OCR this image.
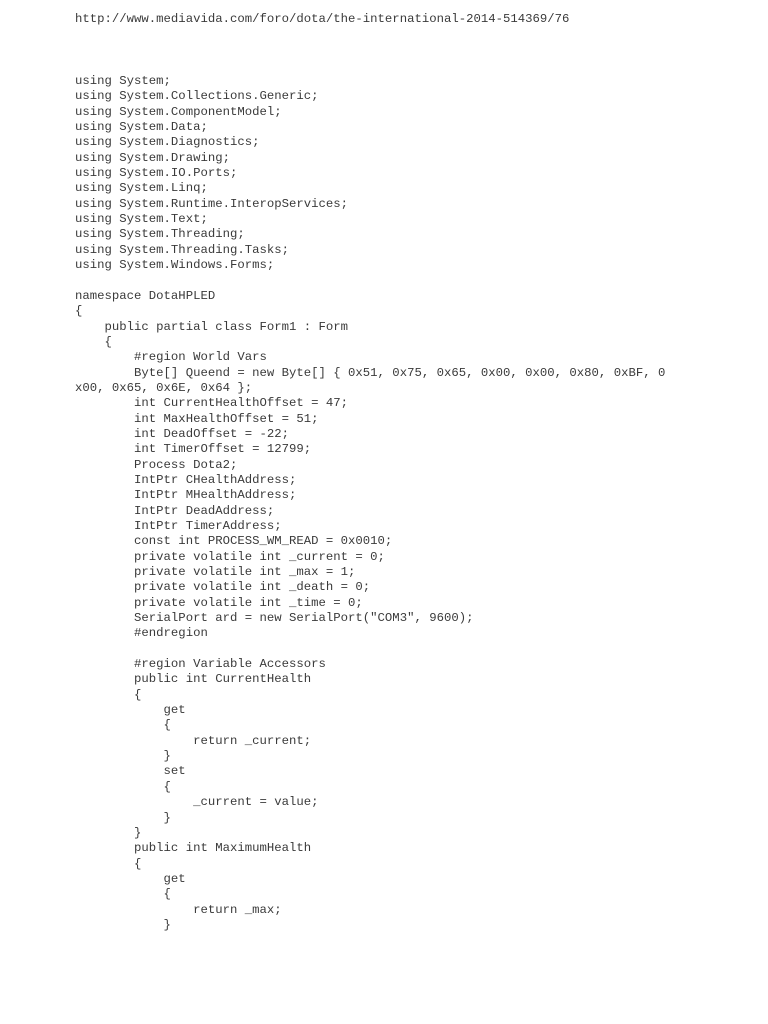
http://www.mediavida.com/foro/dota/the-international-2014-514369/76

using System;
using System.Collections.Generic;
using System.ComponentModel;
using System.Data;
using System.Diagnostics;
using System.Drawing;
using System.IO.Ports;
using System.Linq;
using System.Runtime.InteropServices;
using System.Text;
using System.Threading;
using System.Threading.Tasks;
using System.Windows.Forms;
namespace DotaHPLED
{
public partial class Form1 : Form
{
#region World Vars
Byte[] Queend = new Byte[] { 0x51, 0x75, 0x65, 0x00, 0x00, 0x80, 0xBF, 0
x00, 0x65, 0x6E, 0x64 };
int CurrentHealthOffset = 47;
int MaxHealthOffset = 51;
int DeadOffset = -22;
int TimerOffset = 12799;
Process Dota2;
IntPtr CHealthAddress;
IntPtr MHealthAddress;
IntPtr DeadAddress;
IntPtr TimerAddress;
const int PROCESS_WM_READ = 0x0010;
private volatile int _current = 0;
private volatile int _max = 1;
private volatile int _death = 0;
private volatile int _time = 0;
SerialPort ard = new SerialPort("COM3", 9600);
#endregion
#region Variable Accessors
public int CurrentHealth
{
get
{
return _current;
}
set
{
_current = value;
}
}
public int MaximumHealth
{
get
{
return _max;
}
